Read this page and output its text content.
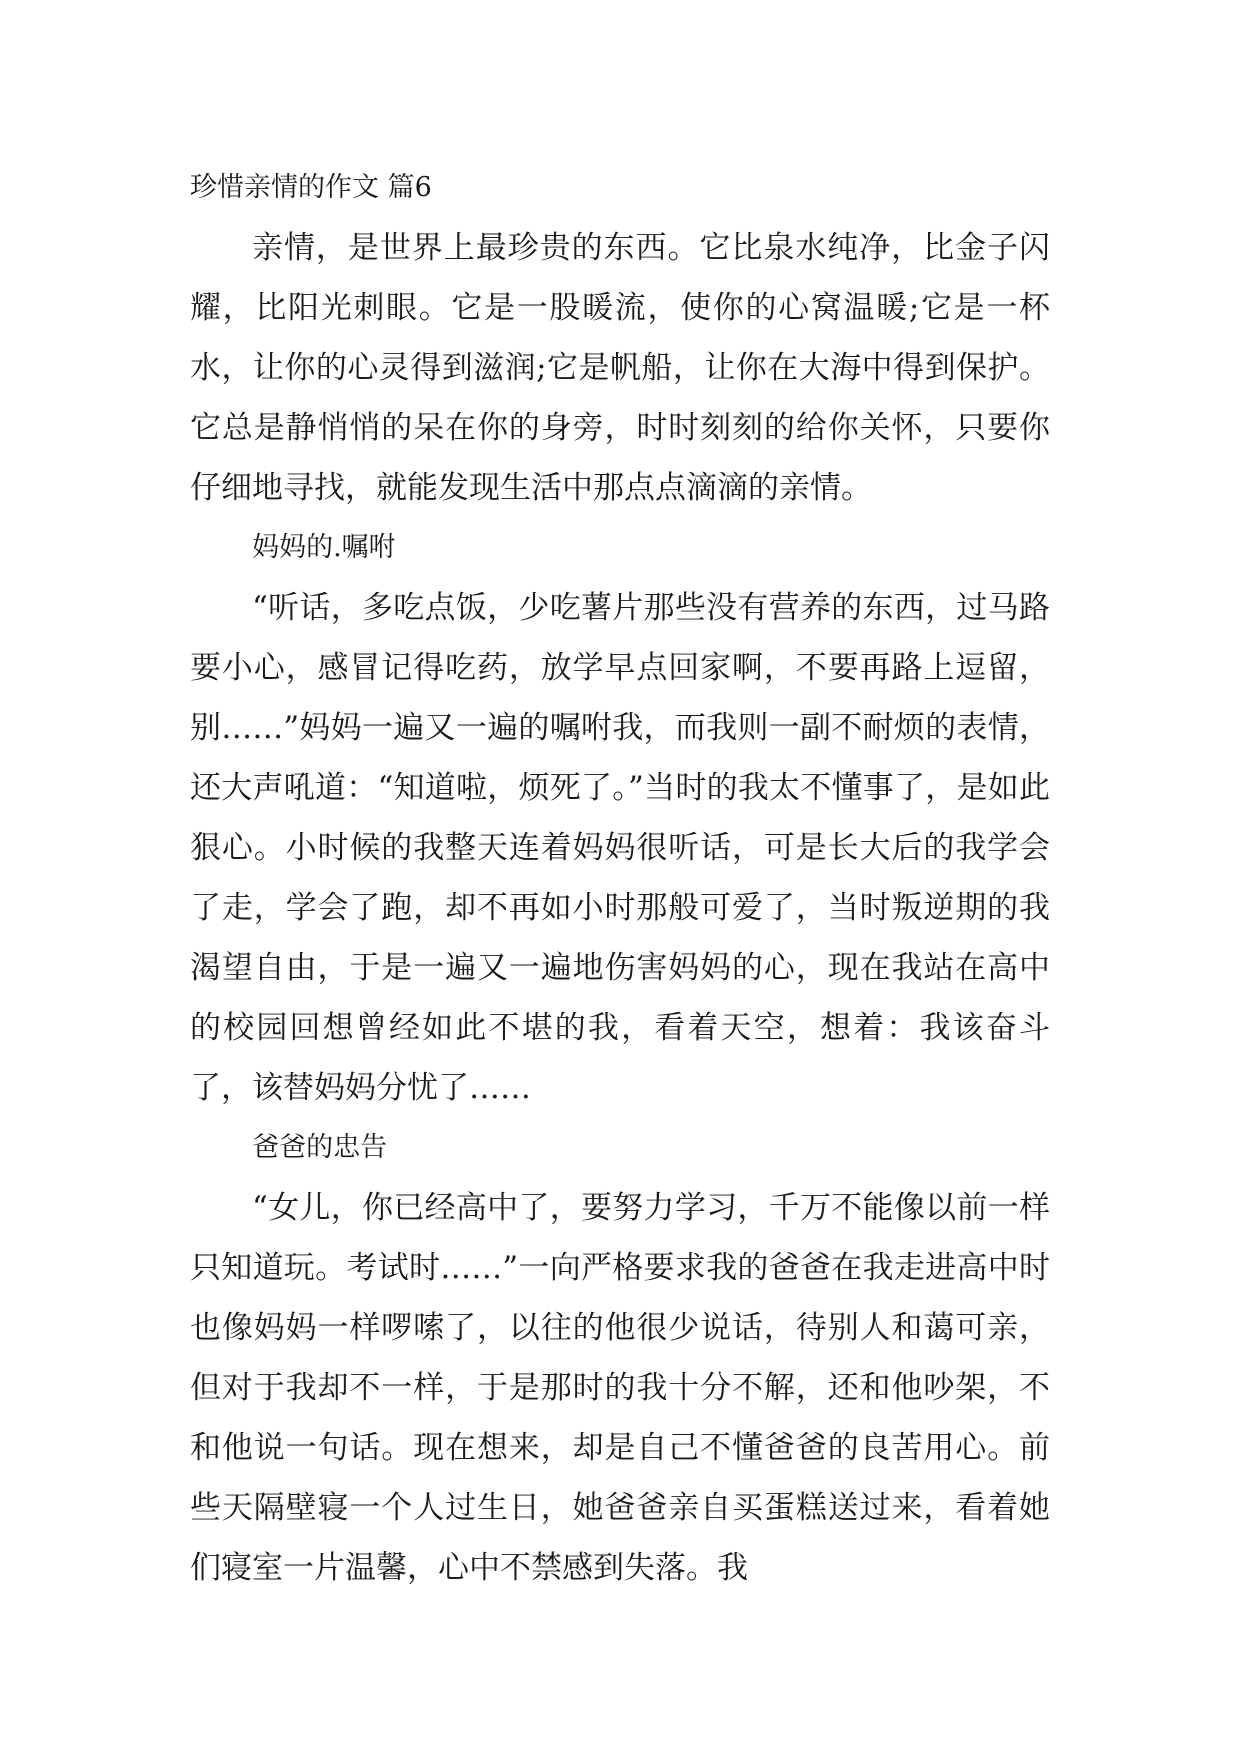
珍惜亲情的作文 篇6

亲情，是世界上最珍贵的东西。它比泉水纯净，比金子闪耀，比阳光刺眼。它是一股暖流，使你的心窝温暖;它是一杯水，让你的心灵得到滋润;它是帆船，让你在大海中得到保护。它总是静悄悄的呆在你的身旁，时时刻刻的给你关怀，只要你仔细地寻找，就能发现生活中那点点滴滴的亲情。

妈妈的.嘱咐

“听话，多吃点饭，少吃薯片那些没有营养的东西，过马路要小心，感冒记得吃药，放学早点回家啊，不要再路上逗留，别……”妈妈一遍又一遍的嘱咐我，而我则一副不耐烦的表情，还大声吼道：“知道啦，烦死了。”当时的我太不懂事了，是如此狠心。小时候的我整天连着妈妈很听话，可是长大后的我学会了走，学会了跑，却不再如小时那般可爱了，当时叛逆期的我渴望自由，于是一遍又一遍地伤害妈妈的心，现在我站在高中的校园回想曾经如此不堪的我，看着天空，想着：我该奋斗了，该替妈妈分忧了……

爸爸的忠告

“女儿，你已经高中了，要努力学习，千万不能像以前一样只知道玩。考试时……”一向严格要求我的爸爸在我走进高中时也像妈妈一样啰嗦了，以往的他很少说话，待别人和蔼可亲，但对于我却不一样，于是那时的我十分不解，还和他吵架，不和他说一句话。现在想来，却是自己不懂爸爸的良苦用心。前些天隔壁寝一个人过生日，她爸爸亲自买蛋糕送过来，看着她们寝室一片温馨，心中不禁感到失落。我
